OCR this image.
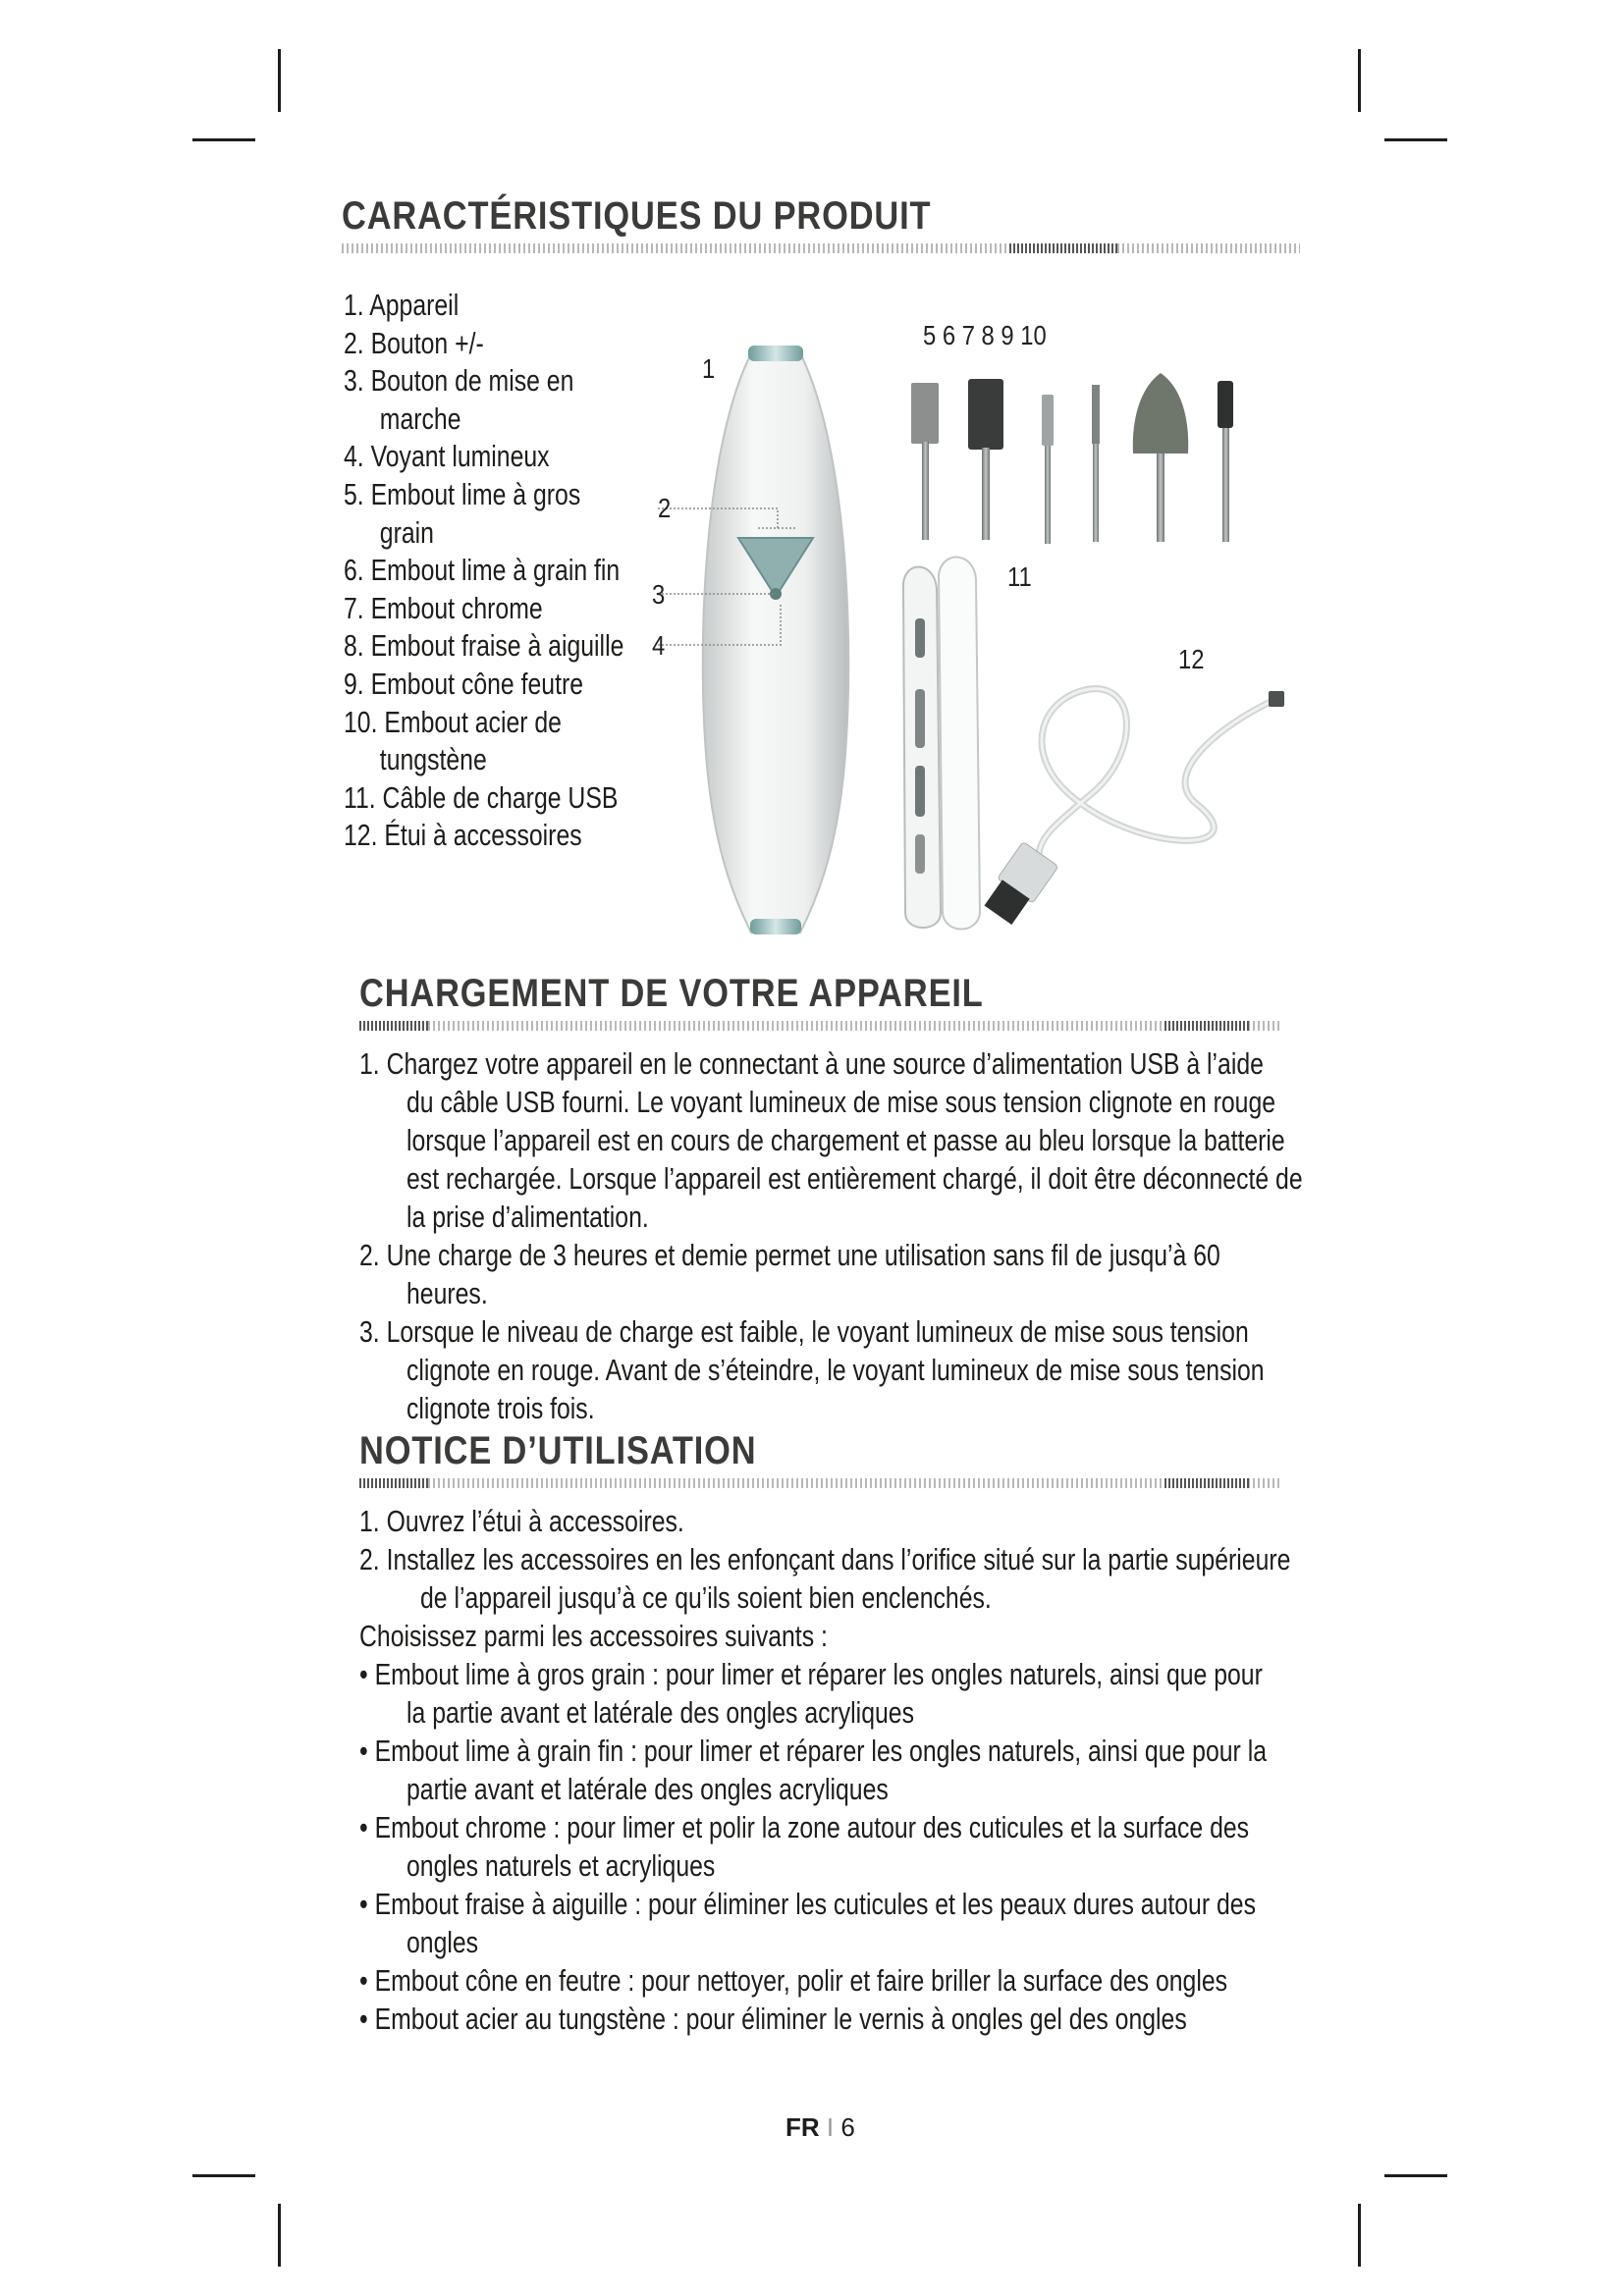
CARACTÉRISTIQUES DU PRODUIT
1. Appareil
2. Bouton +/-
3. Bouton de mise en
marche
4. Voyant lumineux
5. Embout lime à gros
grain
6. Embout lime à grain fin
7. Embout chrome
8. Embout fraise à aiguille
9. Embout cône feutre
10. Embout acier de
tungstène
11. Câble de charge USB
12. Étui à accessoires
1
2
3
4
5 6 7 8 9 10
11
12
CHARGEMENT DE VOTRE APPAREIL
1. Chargez votre appareil en le connectant à une source d’alimentation USB à l’aide
du câble USB fourni. Le voyant lumineux de mise sous tension clignote en rouge
lorsque l’appareil est en cours de chargement et passe au bleu lorsque la batterie
est rechargée. Lorsque l’appareil est entièrement chargé, il doit être déconnecté de
la prise d’alimentation.
2. Une charge de 3 heures et demie permet une utilisation sans fil de jusqu’à 60
heures.
3. Lorsque le niveau de charge est faible, le voyant lumineux de mise sous tension
clignote en rouge. Avant de s’éteindre, le voyant lumineux de mise sous tension
clignote trois fois.
NOTICE D’UTILISATION
1. Ouvrez l’étui à accessoires.
2. Installez les accessoires en les enfonçant dans l’orifice situé sur la partie supérieure
de l’appareil jusqu’à ce qu’ils soient bien enclenchés.
Choisissez parmi les accessoires suivants :
• Embout lime à gros grain : pour limer et réparer les ongles naturels, ainsi que pour
la partie avant et latérale des ongles acryliques
• Embout lime à grain fin : pour limer et réparer les ongles naturels, ainsi que pour la
partie avant et latérale des ongles acryliques
• Embout chrome : pour limer et polir la zone autour des cuticules et la surface des
ongles naturels et acryliques
• Embout fraise à aiguille : pour éliminer les cuticules et les peaux dures autour des
ongles
• Embout cône en feutre : pour nettoyer, polir et faire briller la surface des ongles
• Embout acier au tungstène : pour éliminer le vernis à ongles gel des ongles
FR I 6
